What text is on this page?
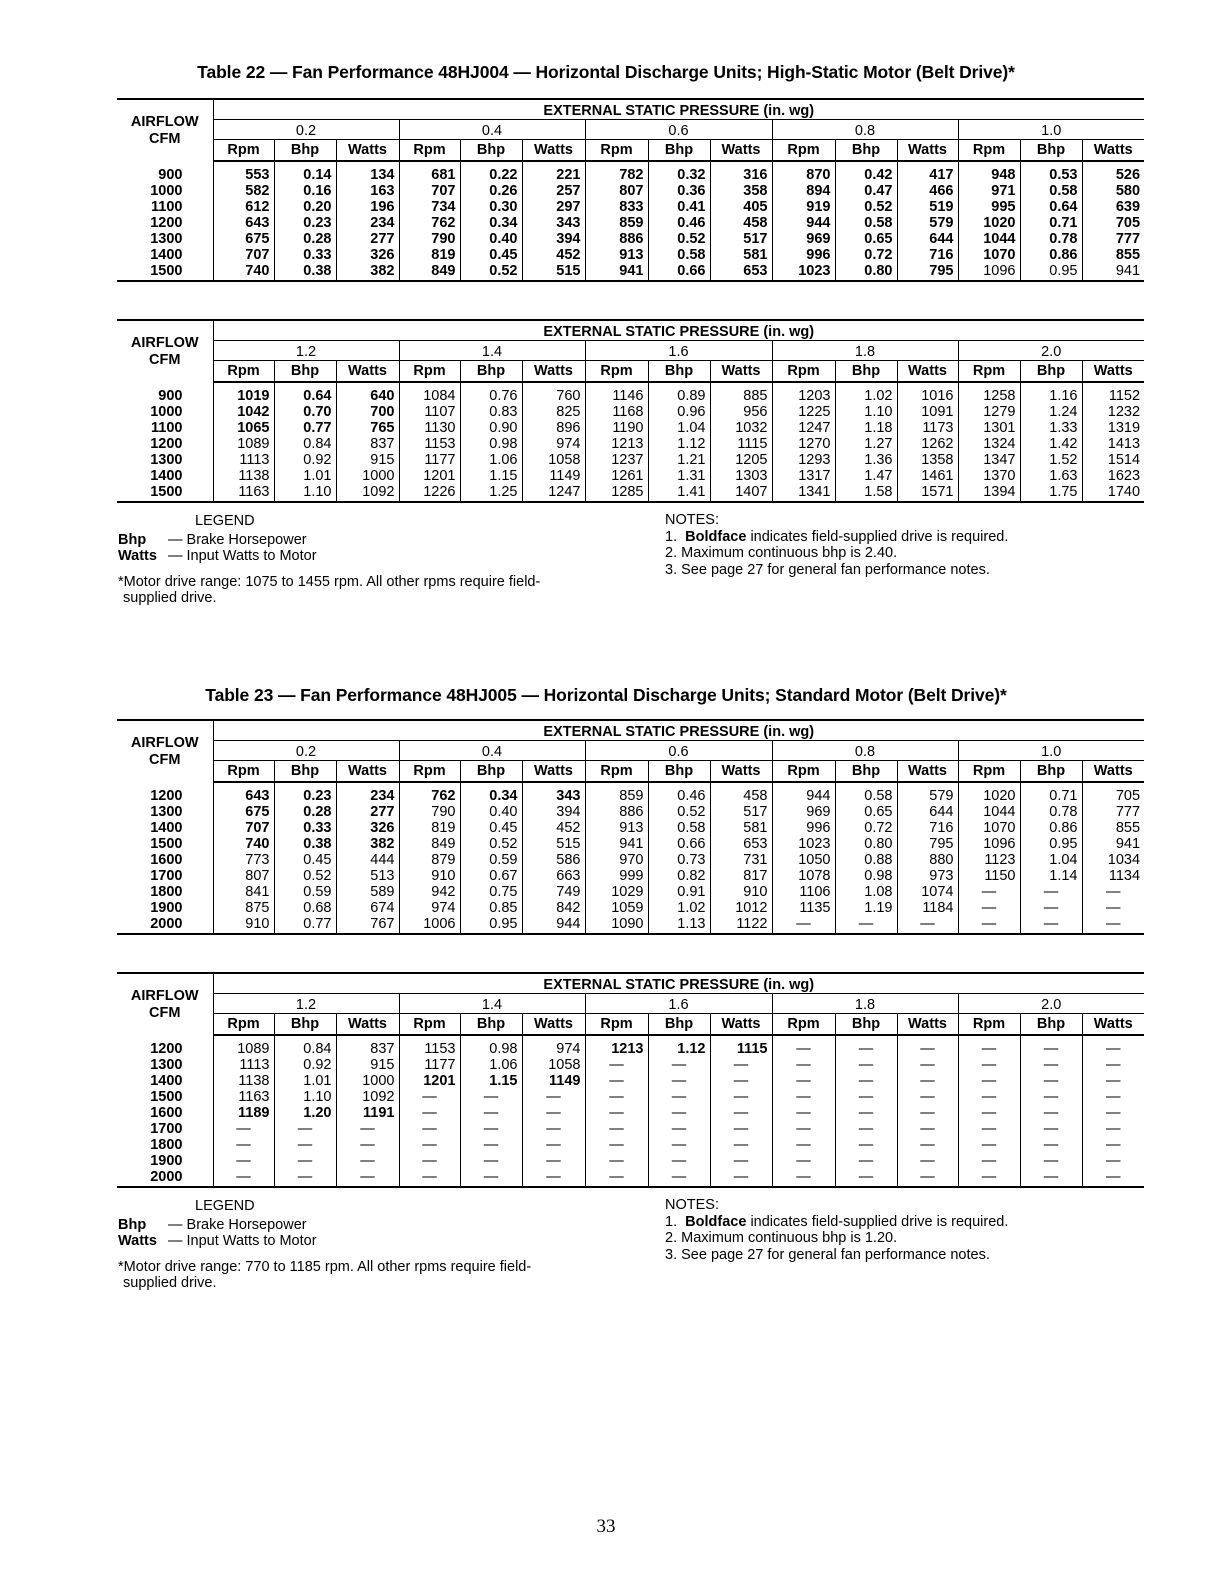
Table 22 — Fan Performance 48HJ004 — Horizontal Discharge Units; High-Static Motor (Belt Drive)*
AIRFLOW
CFM	EXTERNAL STATIC PRESSURE (in. wg)														
	0.2			0.4			0.6			0.8			1.0		
	Rpm	Bhp	Watts	Rpm	Bhp	Watts	Rpm	Bhp	Watts	Rpm	Bhp	Watts	Rpm	Bhp	Watts
900	553	0.14	134	681	0.22	221	782	0.32	316	870	0.42	417	948	0.53	526
1000	582	0.16	163	707	0.26	257	807	0.36	358	894	0.47	466	971	0.58	580
1100	612	0.20	196	734	0.30	297	833	0.41	405	919	0.52	519	995	0.64	639
1200	643	0.23	234	762	0.34	343	859	0.46	458	944	0.58	579	1020	0.71	705
1300	675	0.28	277	790	0.40	394	886	0.52	517	969	0.65	644	1044	0.78	777
1400	707	0.33	326	819	0.45	452	913	0.58	581	996	0.72	716	1070	0.86	855
1500	740	0.38	382	849	0.52	515	941	0.66	653	1023	0.80	795	1096	0.95	941
AIRFLOW
CFM	EXTERNAL STATIC PRESSURE (in. wg)														
	1.2			1.4			1.6			1.8			2.0		
	Rpm	Bhp	Watts	Rpm	Bhp	Watts	Rpm	Bhp	Watts	Rpm	Bhp	Watts	Rpm	Bhp	Watts
900	1019	0.64	640	1084	0.76	760	1146	0.89	885	1203	1.02	1016	1258	1.16	1152
1000	1042	0.70	700	1107	0.83	825	1168	0.96	956	1225	1.10	1091	1279	1.24	1232
1100	1065	0.77	765	1130	0.90	896	1190	1.04	1032	1247	1.18	1173	1301	1.33	1319
1200	1089	0.84	837	1153	0.98	974	1213	1.12	1115	1270	1.27	1262	1324	1.42	1413
1300	1113	0.92	915	1177	1.06	1058	1237	1.21	1205	1293	1.36	1358	1347	1.52	1514
1400	1138	1.01	1000	1201	1.15	1149	1261	1.31	1303	1317	1.47	1461	1370	1.63	1623
1500	1163	1.10	1092	1226	1.25	1247	1285	1.41	1407	1341	1.58	1571	1394	1.75	1740
LEGEND
Bhp — Brake Horsepower
Watts — Input Watts to Motor
*Motor drive range: 1075 to 1455 rpm. All other rpms require field-
supplied drive.
NOTES:
1. Boldface indicates field-supplied drive is required.
2. Maximum continuous bhp is 2.40.
3. See page 27 for general fan performance notes.
Table 23 — Fan Performance 48HJ005 — Horizontal Discharge Units; Standard Motor (Belt Drive)*
AIRFLOW
CFM	EXTERNAL STATIC PRESSURE (in. wg)														
	0.2			0.4			0.6			0.8			1.0		
	Rpm	Bhp	Watts	Rpm	Bhp	Watts	Rpm	Bhp	Watts	Rpm	Bhp	Watts	Rpm	Bhp	Watts
1200	643	0.23	234	762	0.34	343	859	0.46	458	944	0.58	579	1020	0.71	705
1300	675	0.28	277	790	0.40	394	886	0.52	517	969	0.65	644	1044	0.78	777
1400	707	0.33	326	819	0.45	452	913	0.58	581	996	0.72	716	1070	0.86	855
1500	740	0.38	382	849	0.52	515	941	0.66	653	1023	0.80	795	1096	0.95	941
1600	773	0.45	444	879	0.59	586	970	0.73	731	1050	0.88	880	1123	1.04	1034
1700	807	0.52	513	910	0.67	663	999	0.82	817	1078	0.98	973	1150	1.14	1134
1800	841	0.59	589	942	0.75	749	1029	0.91	910	1106	1.08	1074	—	—	—
1900	875	0.68	674	974	0.85	842	1059	1.02	1012	1135	1.19	1184	—	—	—
2000	910	0.77	767	1006	0.95	944	1090	1.13	1122	—	—	—	—	—	—
AIRFLOW
CFM	EXTERNAL STATIC PRESSURE (in. wg)														
	1.2			1.4			1.6			1.8			2.0		
	Rpm	Bhp	Watts	Rpm	Bhp	Watts	Rpm	Bhp	Watts	Rpm	Bhp	Watts	Rpm	Bhp	Watts
1200	1089	0.84	837	1153	0.98	974	1213	1.12	1115	—	—	—	—	—	—
1300	1113	0.92	915	1177	1.06	1058	—	—	—	—	—	—	—	—	—
1400	1138	1.01	1000	1201	1.15	1149	—	—	—	—	—	—	—	—	—
1500	1163	1.10	1092	—	—	—	—	—	—	—	—	—	—	—	—
1600	1189	1.20	1191	—	—	—	—	—	—	—	—	—	—	—	—
1700	—	—	—	—	—	—	—	—	—	—	—	—	—	—	—
1800	—	—	—	—	—	—	—	—	—	—	—	—	—	—	—
1900	—	—	—	—	—	—	—	—	—	—	—	—	—	—	—
2000	—	—	—	—	—	—	—	—	—	—	—	—	—	—	—
LEGEND
Bhp — Brake Horsepower
Watts — Input Watts to Motor
*Motor drive range: 770 to 1185 rpm. All other rpms require field-
supplied drive.
NOTES:
1. Boldface indicates field-supplied drive is required.
2. Maximum continuous bhp is 1.20.
3. See page 27 for general fan performance notes.
33
